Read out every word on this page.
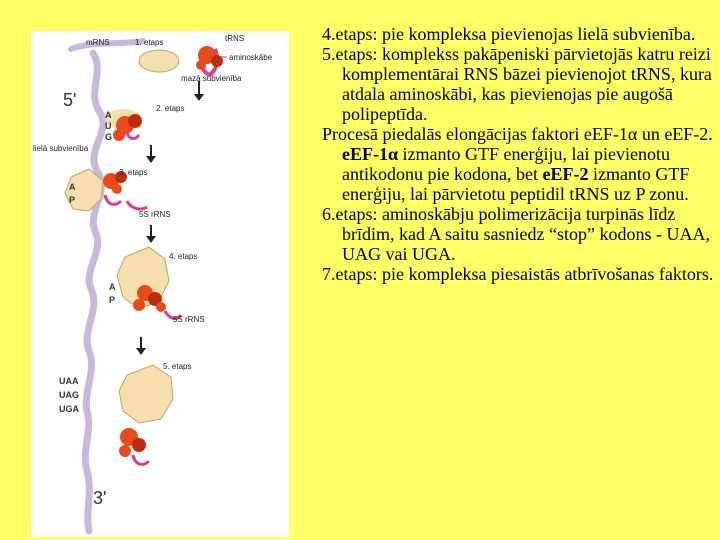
mRNS	1. etaps	tRNS
aminoskābe
mazā subvienība
5'	2. etaps
A
U
G
lielā subvienība
A
P
3. etaps
5S rRNS
4. etaps
A
P
5S rRNS
5. etaps
UAA
UAG
UGA
3'

4.etaps: pie kompleksa pievienojas lielā subvienība.

5.etaps: komplekss pakāpeniski pārvietojās katru reizi komplementārai RNS bāzei pievienojot tRNS, kura atdala aminoskābi, kas pievienojas pie augošā polipeptīda.

Procesā piedalās elongācijas faktori eEF-1α un eEF-2. eEF-1α izmanto GTF enerģiju, lai pievienotu antikodonu pie kodona, bet eEF-2 izmanto GTF enerģiju, lai pārvietotu peptidil tRNS uz P zonu.

6.etaps: aminoskābju polimerizācija turpinās līdz brīdim, kad A saitu sasniedz “stop” kodons - UAA, UAG vai UGA.

7.etaps: pie kompleksa piesaistās atbrīvošanas faktors.
